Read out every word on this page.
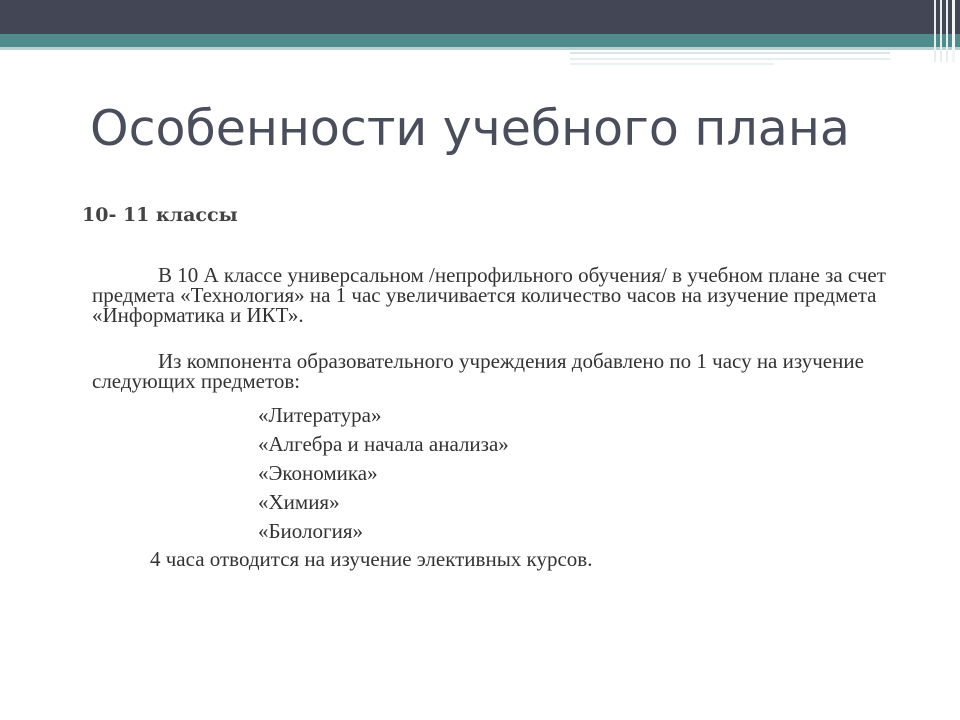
Особенности учебного плана
10- 11 классы
В 10 А классе универсальном /непрофильного обучения/ в учебном плане за счет предмета «Технология» на 1 час увеличивается количество часов на изучение предмета «Информатика и ИКТ».
Из компонента образовательного учреждения добавлено по 1 часу на изучение следующих предметов:
«Литература»
«Алгебра и начала анализа»
«Экономика»
«Химия»
«Биология»
4 часа отводится на изучение элективных курсов.
